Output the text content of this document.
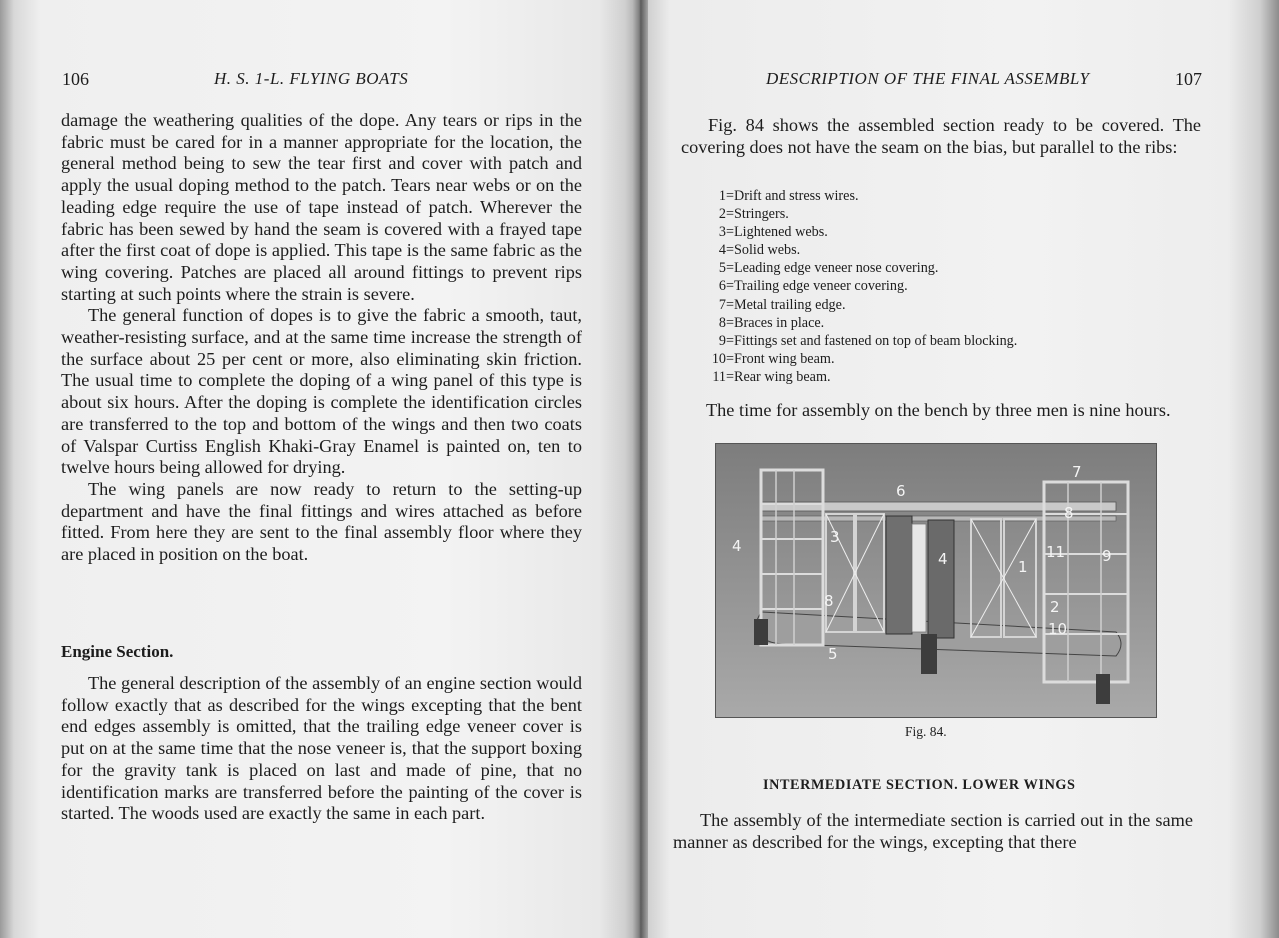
106	H. S. 1-L. FLYING BOATS

damage the weathering qualities of the dope. Any tears or rips in the fabric must be cared for in a manner appropriate for the location, the general method being to sew the tear first and cover with patch and apply the usual doping method to the patch. Tears near webs or on the leading edge require the use of tape instead of patch. Wherever the fabric has been sewed by hand the seam is covered with a frayed tape after the first coat of dope is applied. This tape is the same fabric as the wing covering. Patches are placed all around fittings to prevent rips starting at such points where the strain is severe.

The general function of dopes is to give the fabric a smooth, taut, weather-resisting surface, and at the same time increase the strength of the surface about 25 per cent or more, also eliminating skin friction. The usual time to complete the doping of a wing panel of this type is about six hours. After the doping is complete the identification circles are transferred to the top and bottom of the wings and then two coats of Valspar Curtiss English Khaki-Gray Enamel is painted on, ten to twelve hours being allowed for drying.

The wing panels are now ready to return to the setting-up department and have the final fittings and wires attached as before fitted. From here they are sent to the final assembly floor where they are placed in position on the boat.

Engine Section.

The general description of the assembly of an engine section would follow exactly that as described for the wings excepting that the bent end edges assembly is omitted, that the trailing edge veneer cover is put on at the same time that the nose veneer is, that the support boxing for the gravity tank is placed on last and made of pine, that no identification marks are transferred before the painting of the cover is started. The woods used are exactly the same in each part.

DESCRIPTION OF THE FINAL ASSEMBLY	107

Fig. 84 shows the assembled section ready to be covered. The covering does not have the seam on the bias, but parallel to the ribs:

1 =Drift and stress wires.
2 =Stringers.
3 =Lightened webs.
4 =Solid webs.
5 =Leading edge veneer nose covering.
6 =Trailing edge veneer covering.
7 =Metal trailing edge.
8 =Braces in place.
9 =Fittings set and fastened on top of beam blocking.
10 =Front wing beam.
11 =Rear wing beam.
The time for assembly on the bench by three men is nine hours.
7
6
8
4	3
4	11 9
1
8	2
10
5
Fig. 84.
INTERMEDIATE SECTION. LOWER WINGS

The assembly of the intermediate section is carried out in the same manner as described for the wings, excepting that there
